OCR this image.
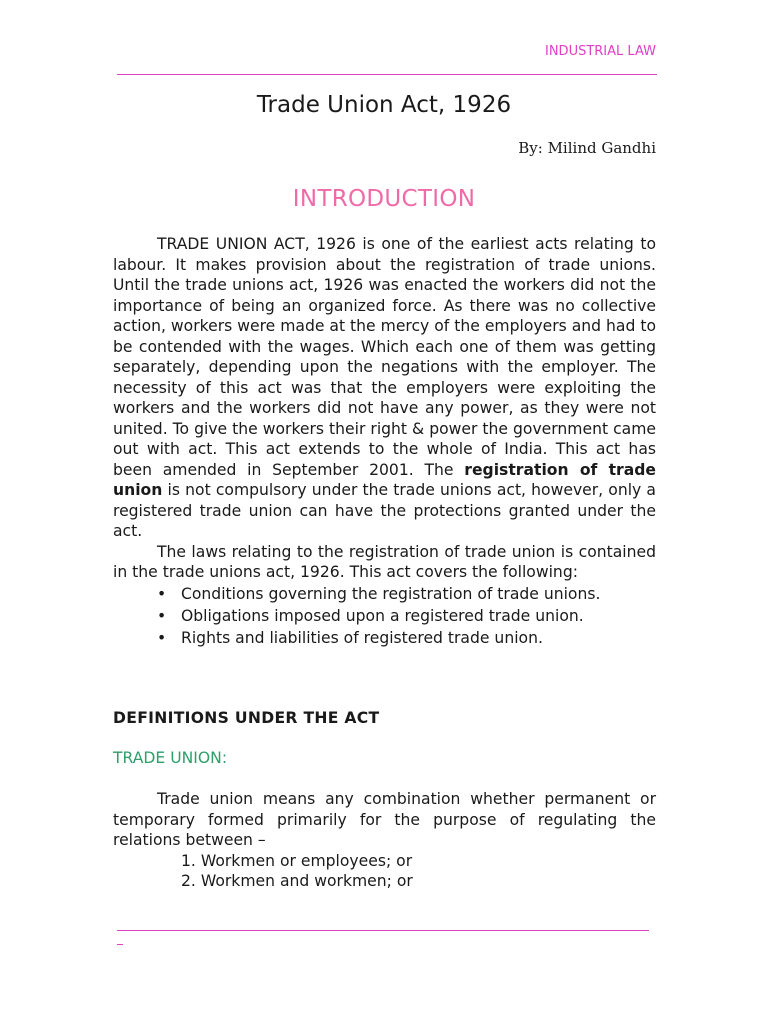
INDUSTRIAL LAW
Trade Union Act, 1926
By: Milind Gandhi
INTRODUCTION

TRADE UNION ACT, 1926 is one of the earliest acts relating to labour. It makes provision about the registration of trade unions. Until the trade unions act, 1926 was enacted the workers did not the importance of being an organized force. As there was no collective action, workers were made at the mercy of the employers and had to be contended with the wages. Which each one of them was getting separately, depending upon the negations with the employer. The necessity of this act was that the employers were exploiting the workers and the workers did not have any power, as they were not united. To give the workers their right & power the government came out with act. This act extends to the whole of India. This act has been amended in September 2001. The registration of trade union is not compulsory under the trade unions act, however, only a registered trade union can have the protections granted under the act.

The laws relating to the registration of trade union is contained in the trade unions act, 1926. This act covers the following:

• Conditions governing the registration of trade unions.
• Obligations imposed upon a registered trade union.
• Rights and liabilities of registered trade union.
DEFINITIONS UNDER THE ACT
TRADE UNION:

Trade union means any combination whether permanent or temporary formed primarily for the purpose of regulating the relations between –

1. Workmen or employees; or
2. Workmen and workmen; or
